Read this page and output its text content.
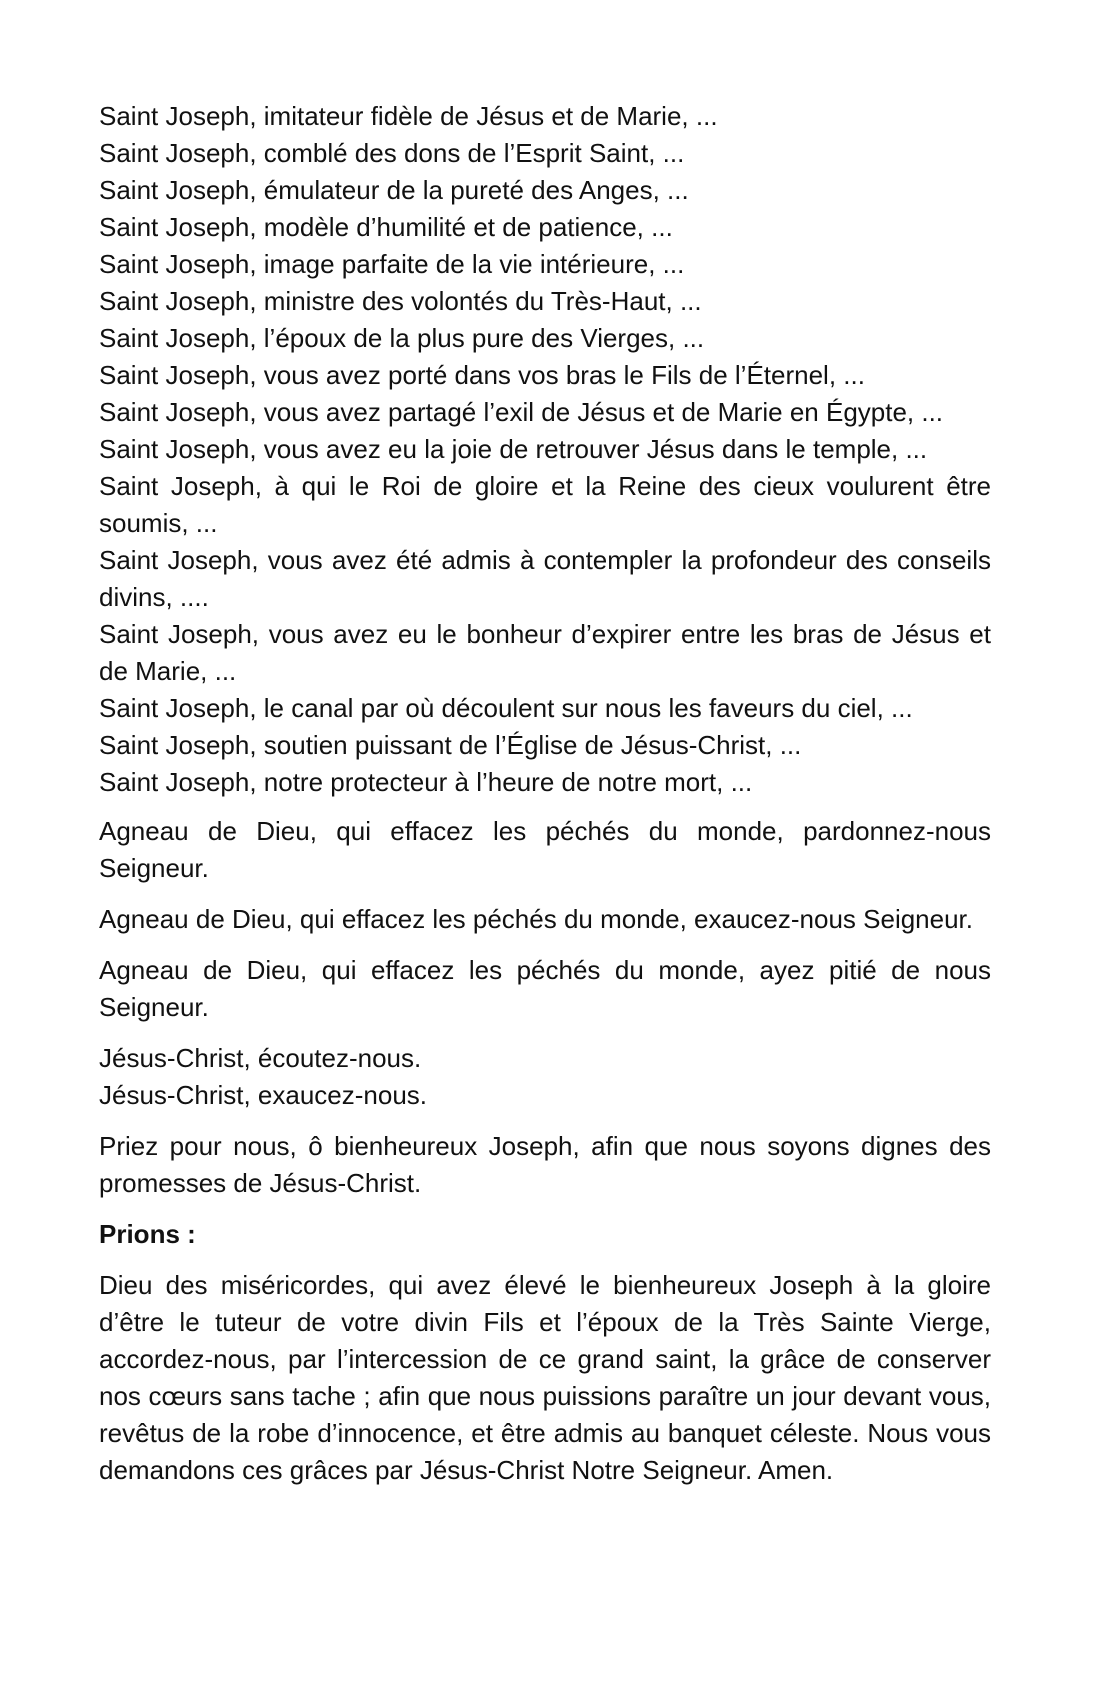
Saint Joseph, imitateur fidèle de Jésus et de Marie, ...

Saint Joseph, comblé des dons de l’Esprit Saint, ...

Saint Joseph, émulateur de la pureté des Anges, ...

Saint Joseph, modèle d’humilité et de patience, ...

Saint Joseph, image parfaite de la vie intérieure, ...

Saint Joseph, ministre des volontés du Très-Haut, ...

Saint Joseph, l’époux de la plus pure des Vierges, ...

Saint Joseph, vous avez porté dans vos bras le Fils de l’Éternel, ...

Saint Joseph, vous avez partagé l’exil de Jésus et de Marie en Égypte, ...

Saint Joseph, vous avez eu la joie de retrouver Jésus dans le temple, ...

Saint Joseph, à qui le Roi de gloire et la Reine des cieux voulurent être soumis, ...

Saint Joseph, vous avez été admis à contempler la profondeur des conseils divins, ....

Saint Joseph, vous avez eu le bonheur d’expirer entre les bras de Jésus et de Marie, ...

Saint Joseph, le canal par où découlent sur nous les faveurs du ciel, ...

Saint Joseph, soutien puissant de l’Église de Jésus-Christ, ...

Saint Joseph, notre protecteur à l’heure de notre mort, ...

Agneau de Dieu, qui effacez les péchés du monde, pardonnez-nous Seigneur.

Agneau de Dieu, qui effacez les péchés du monde, exaucez-nous Seigneur.

Agneau de Dieu, qui effacez les péchés du monde, ayez pitié de nous Seigneur.

Jésus-Christ, écoutez-nous.
Jésus-Christ, exaucez-nous.

Priez pour nous, ô bienheureux Joseph, afin que nous soyons dignes des promesses de Jésus-Christ.

Prions :

Dieu des miséricordes, qui avez élevé le bienheureux Joseph à la gloire d’être le tuteur de votre divin Fils et l’époux de la Très Sainte Vierge, accordez-nous, par l’intercession de ce grand saint, la grâce de conserver nos cœurs sans tache ; afin que nous puissions paraître un jour devant vous, revêtus de la robe d’innocence, et être admis au banquet céleste. Nous vous demandons ces grâces par Jésus-Christ Notre Seigneur. Amen.
